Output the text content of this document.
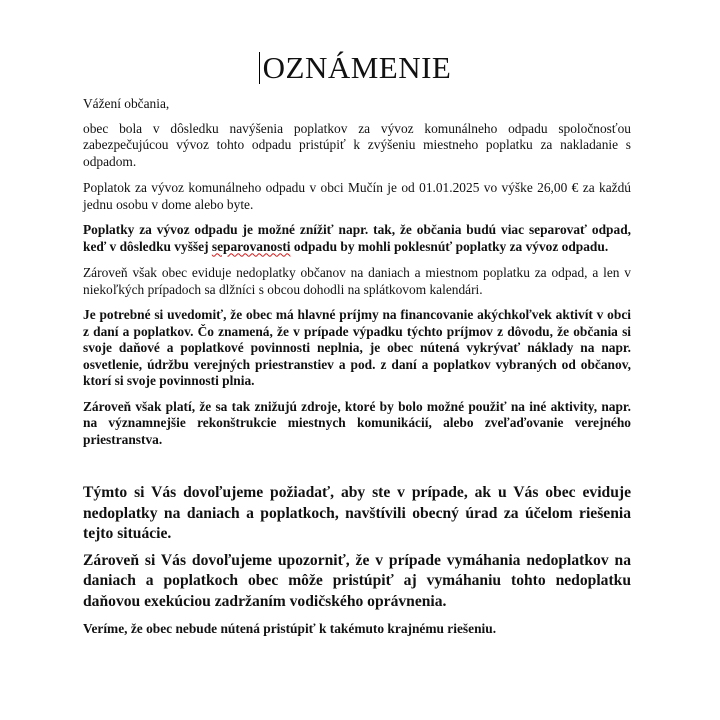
OZNÁMENIE

Vážení občania,

obec bola v dôsledku navýšenia poplatkov za vývoz komunálneho odpadu spoločnosťou zabezpečujúcou vývoz tohto odpadu pristúpiť k zvýšeniu miestneho poplatku za nakladanie s odpadom.

Poplatok za vývoz komunálneho odpadu v obci Mučín je od 01.01.2025 vo výške 26,00 € za každú jednu osobu v dome alebo byte.

Poplatky za vývoz odpadu je možné znížiť napr. tak, že občania budú viac separovať odpad, keď v dôsledku vyššej separovanosti odpadu by mohli poklesnúť poplatky za vývoz odpadu.

Zároveň však obec eviduje nedoplatky občanov na daniach a miestnom poplatku za odpad, a len v niekoľkých prípadoch sa dlžníci s obcou dohodli na splátkovom kalendári.

Je potrebné si uvedomiť, že obec má hlavné príjmy na financovanie akýchkoľvek aktivít v obci z daní a poplatkov. Čo znamená, že v prípade výpadku týchto príjmov z dôvodu, že občania si svoje daňové a poplatkové povinnosti neplnia, je obec nútená vykrývať náklady na napr. osvetlenie, údržbu verejných priestranstiev a pod. z daní a poplatkov vybraných od občanov, ktorí si svoje povinnosti plnia.

Zároveň však platí, že sa tak znižujú zdroje, ktoré by bolo možné použiť na iné aktivity, napr. na významnejšie rekonštrukcie miestnych komunikácií, alebo zveľaďovanie verejného priestranstva.

Týmto si Vás dovoľujeme požiadať, aby ste v prípade, ak u Vás obec eviduje nedoplatky na daniach a poplatkoch, navštívili obecný úrad za účelom riešenia tejto situácie.

Zároveň si Vás dovoľujeme upozorniť, že v prípade vymáhania nedoplatkov na daniach a poplatkoch obec môže pristúpiť aj vymáhaniu tohto nedoplatku daňovou exekúciou zadržaním vodičského oprávnenia.

Veríme, že obec nebude nútená pristúpiť k takémuto krajnému riešeniu.
